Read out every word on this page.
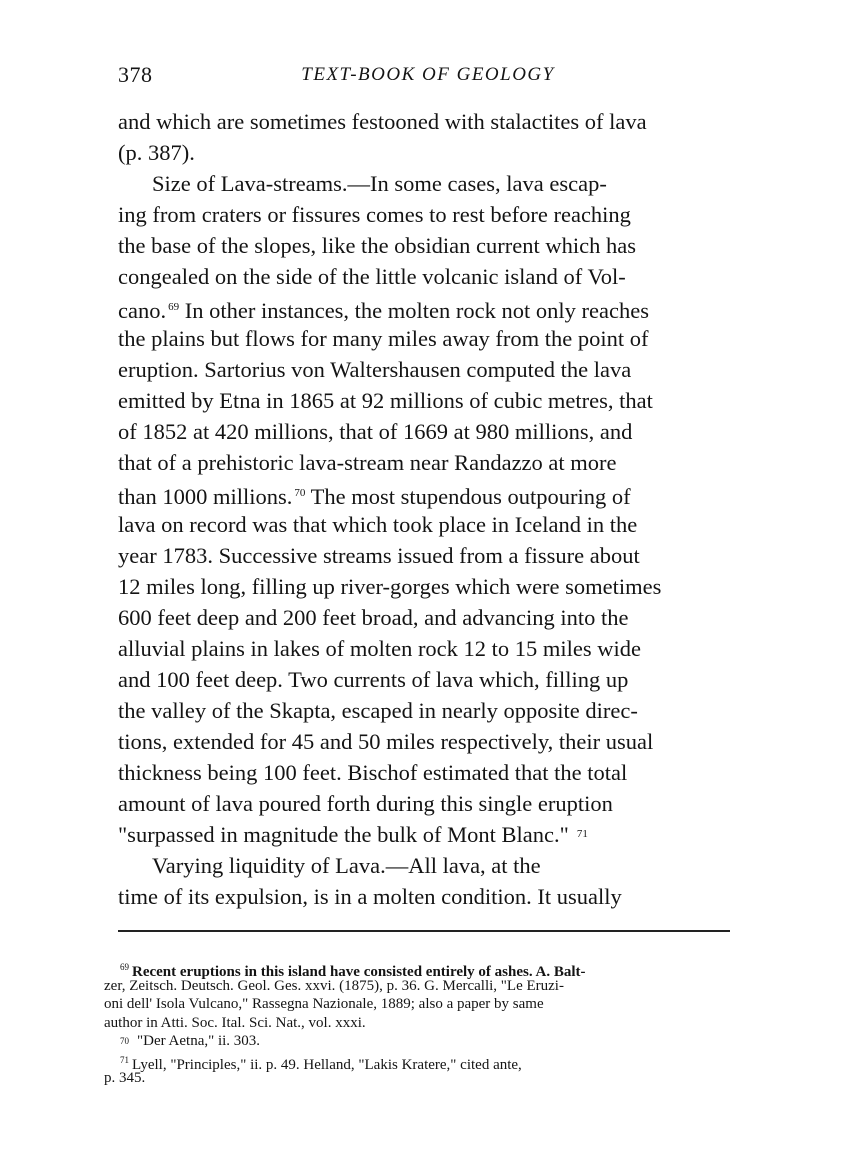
378	TEXT-BOOK OF GEOLOGY
and which are sometimes festooned with stalactites of lava
(p. 387).
Size of Lava-streams.—In some cases, lava escap-
ing from craters or fissures comes to rest before reaching
the base of the slopes, like the obsidian current which has
congealed on the side of the little volcanic island of Vol-
cano. $^{69}$ In other instances, the molten rock not only reaches
the plains but flows for many miles away from the point of
eruption. Sartorius von Waltershausen computed the lava
emitted by Etna in 1865 at 92 millions of cubic metres, that
of 1852 at 420 millions, that of 1669 at 980 millions, and
that of a prehistoric lava-stream near Randazzo at more
than 1000 millions. $^{70}$ The most stupendous outpouring of
lava on record was that which took place in Iceland in the
year 1783. Successive streams issued from a fissure about
12 miles long, filling up river-gorges which were sometimes
600 feet deep and 200 feet broad, and advancing into the
alluvial plains in lakes of molten rock 12 to 15 miles wide
and 100 feet deep. Two currents of lava which, filling up
the valley of the Skapta, escaped in nearly opposite direc-
tions, extended for 45 and 50 miles respectively, their usual
thickness being 100 feet. Bischof estimated that the total
amount of lava poured forth during this single eruption
"surpassed in magnitude the bulk of Mont Blanc." 71
Varying liquidity of Lava.—All lava, at the
time of its expulsion, is in a molten condition. It usually
$^{69}$ Recent eruptions in this island have consisted entirely of ashes. A. Balt-
zer, Zeitsch. Deutsch. Geol. Ges. xxvi. (1875), p. 36. G. Mercalli, "Le Eruzi-
oni dell' Isola Vulcano," Rassegna Nazionale, 1889; also a paper by same
author in Atti. Soc. Ital. Sci. Nat., vol. xxxi.
70 "Der Aetna," ii. 303.
$^{71}$ Lyell, "Principles," ii. p. 49. Helland, "Lakis Kratere," cited ante,
p. 345.
